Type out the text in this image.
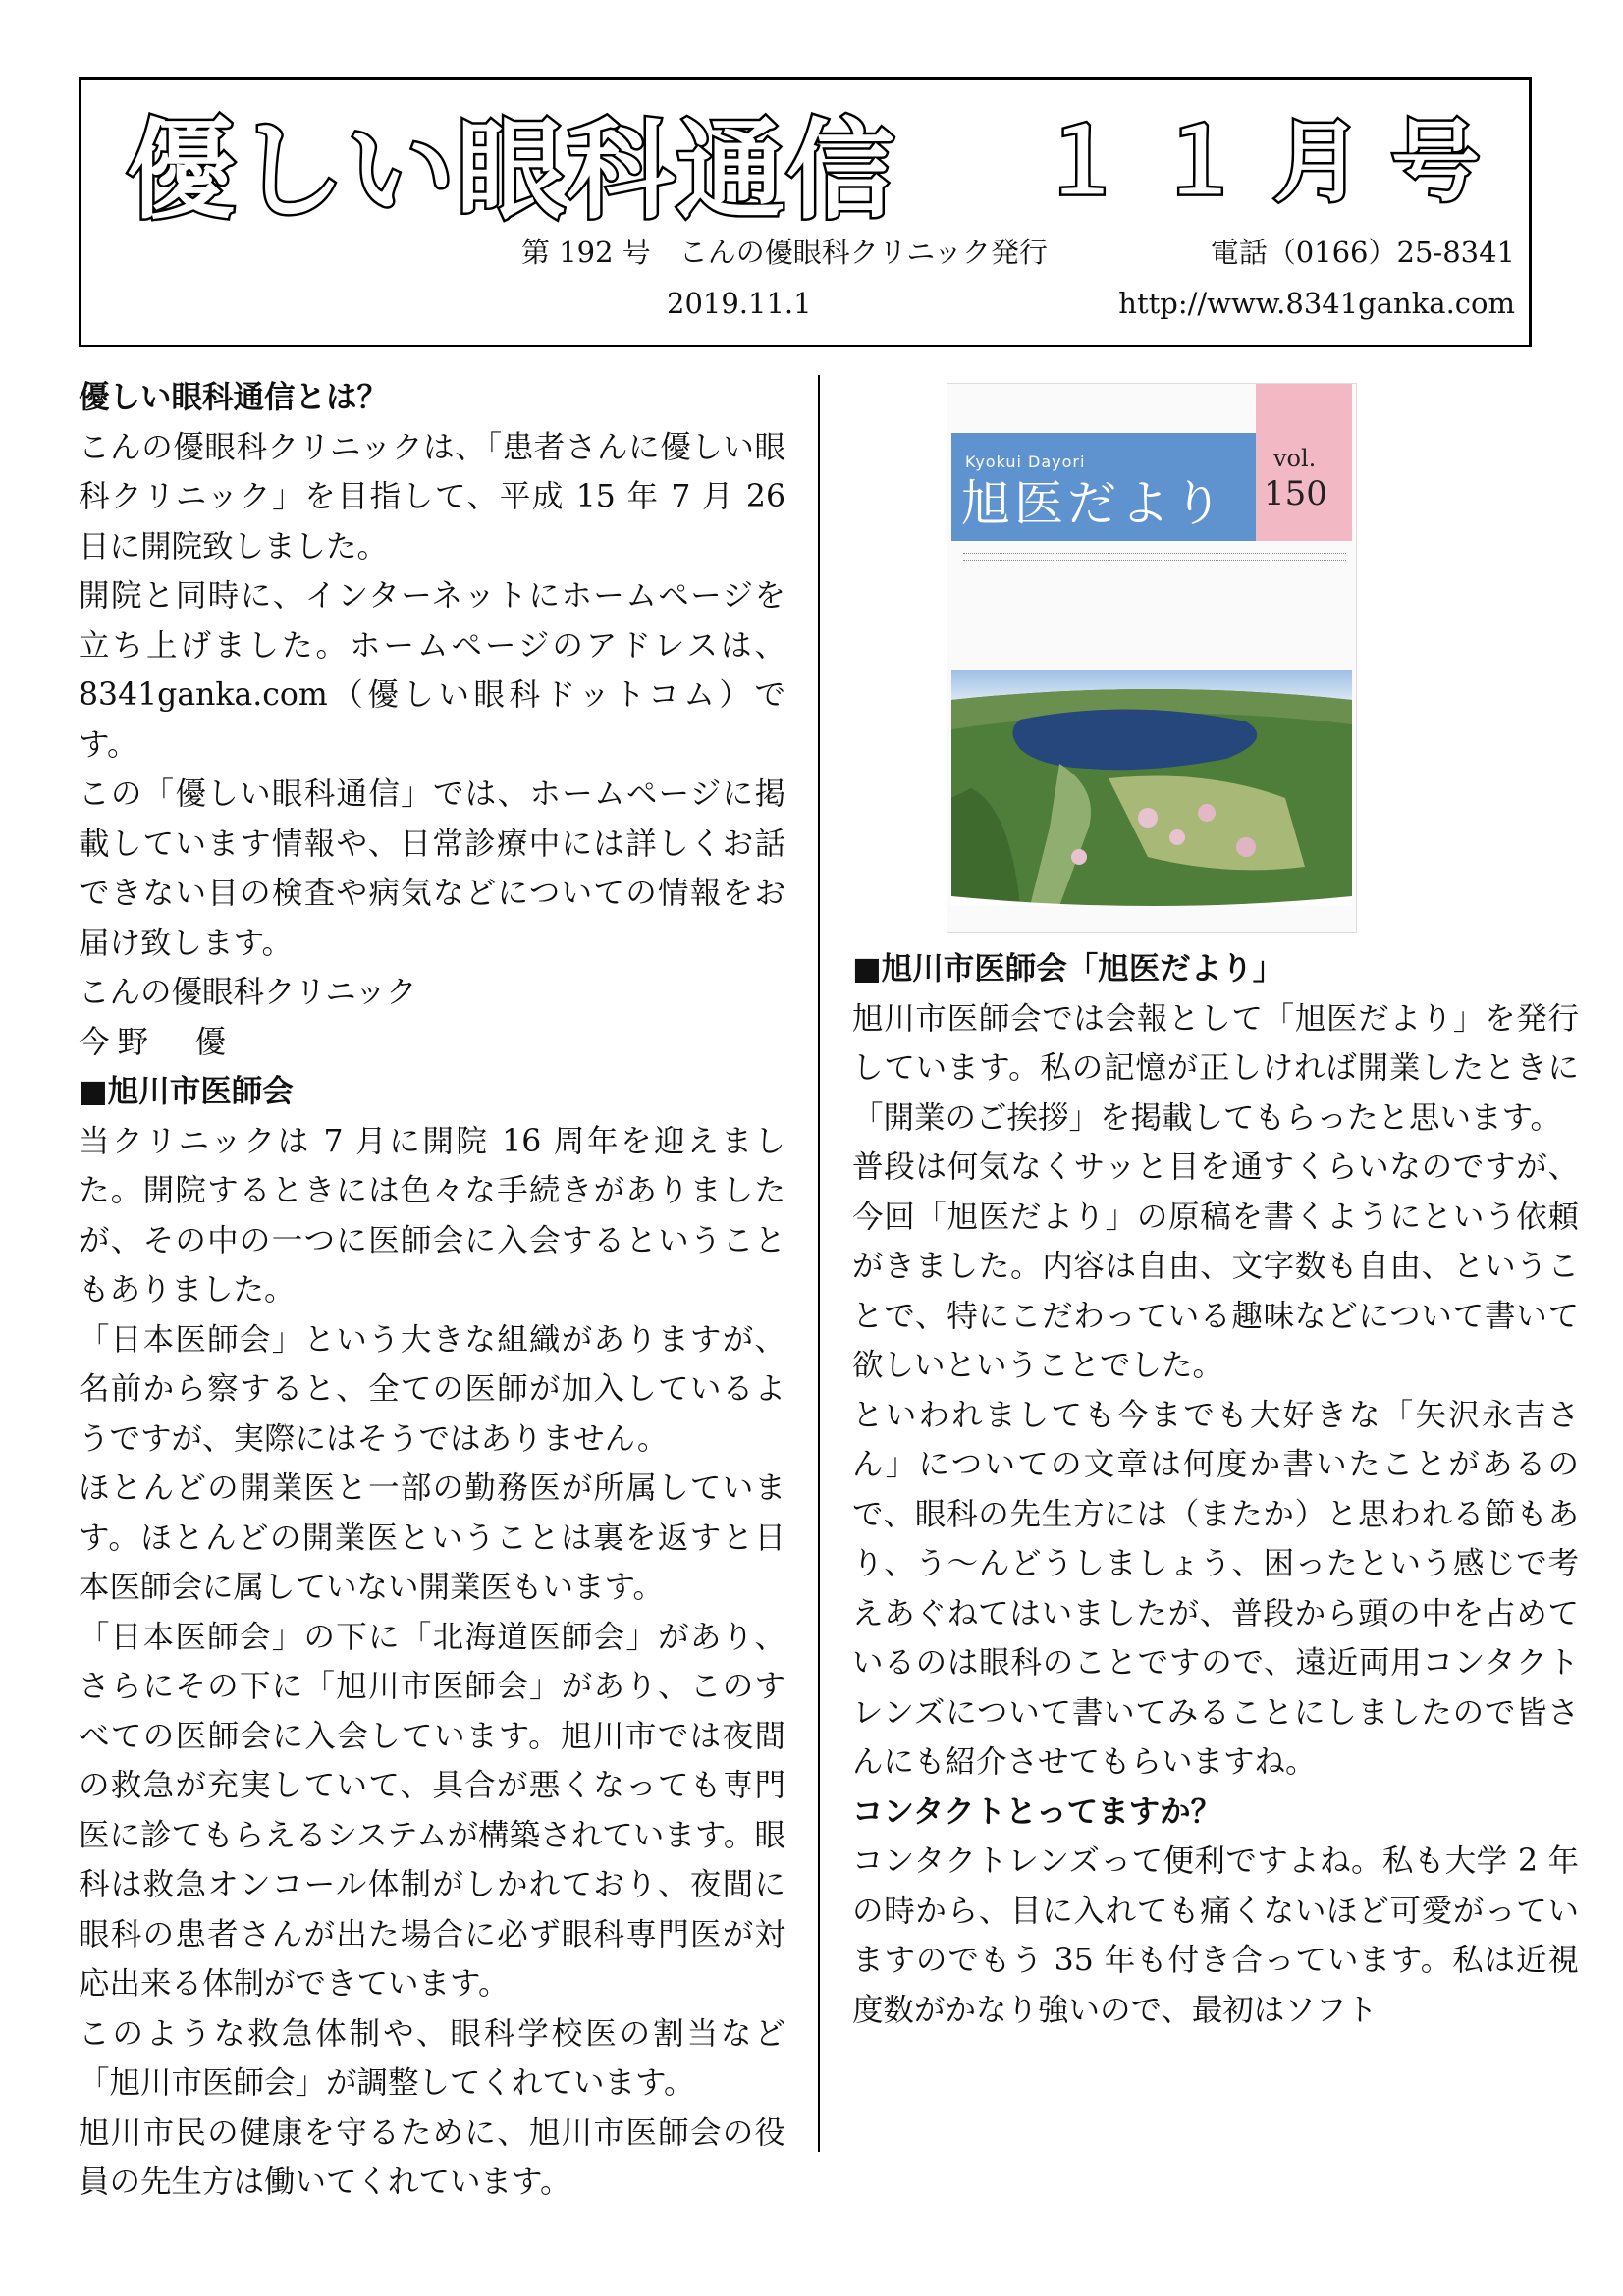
優しい眼科通信 １１月号
第 192 号　こんの優眼科クリニック発行	電話（0166）25-8341
2019.11.1	http://www.8341ganka.com
優しい眼科通信とは？

こんの優眼科クリニックは、「患者さんに優しい眼科クリニック」を目指して、平成 15 年 7 月 26 日に開院致しました。

開院と同時に、インターネットにホームページを立ち上げました。ホームページのアドレスは、8341ganka.com（優しい眼科ドットコム）です。

この「優しい眼科通信」では、ホームページに掲載しています情報や、日常診療中には詳しくお話できない目の検査や病気などについての情報をお届け致します。

こんの優眼科クリニック

今野　優

■旭川市医師会

当クリニックは 7 月に開院 16 周年を迎えました。開院するときには色々な手続きがありましたが、その中の一つに医師会に入会するということもありました。

「日本医師会」という大きな組織がありますが、名前から察すると、全ての医師が加入しているようですが、実際にはそうではありません。

ほとんどの開業医と一部の勤務医が所属しています。ほとんどの開業医ということは裏を返すと日本医師会に属していない開業医もいます。

「日本医師会」の下に「北海道医師会」があり、さらにその下に「旭川市医師会」があり、このすべての医師会に入会しています。旭川市では夜間の救急が充実していて、具合が悪くなっても専門医に診てもらえるシステムが構築されています。眼科は救急オンコール体制がしかれており、夜間に眼科の患者さんが出た場合に必ず眼科専門医が対応出来る体制ができています。

このような救急体制や、眼科学校医の割当など「旭川市医師会」が調整してくれています。

旭川市民の健康を守るために、旭川市医師会の役員の先生方は働いてくれています。

Kyokui Dayori
旭医だより
vol.
150
■旭川市医師会「旭医だより」

旭川市医師会では会報として「旭医だより」を発行しています。私の記憶が正しければ開業したときに「開業のご挨拶」を掲載してもらったと思います。

普段は何気なくサッと目を通すくらいなのですが、今回「旭医だより」の原稿を書くようにという依頼がきました。内容は自由、文字数も自由、ということで、特にこだわっている趣味などについて書いて欲しいということでした。

といわれましても今までも大好きな「矢沢永吉さん」についての文章は何度か書いたことがあるので、眼科の先生方には（またか）と思われる節もあり、う～んどうしましょう、困ったという感じで考えあぐねてはいましたが、普段から頭の中を占めているのは眼科のことですので、遠近両用コンタクトレンズについて書いてみることにしましたので皆さんにも紹介させてもらいますね。

コンタクトとってますか？

コンタクトレンズって便利ですよね。私も大学 2 年の時から、目に入れても痛くないほど可愛がっていますのでもう 35 年も付き合っています。私は近視度数がかなり強いので、最初はソフト
